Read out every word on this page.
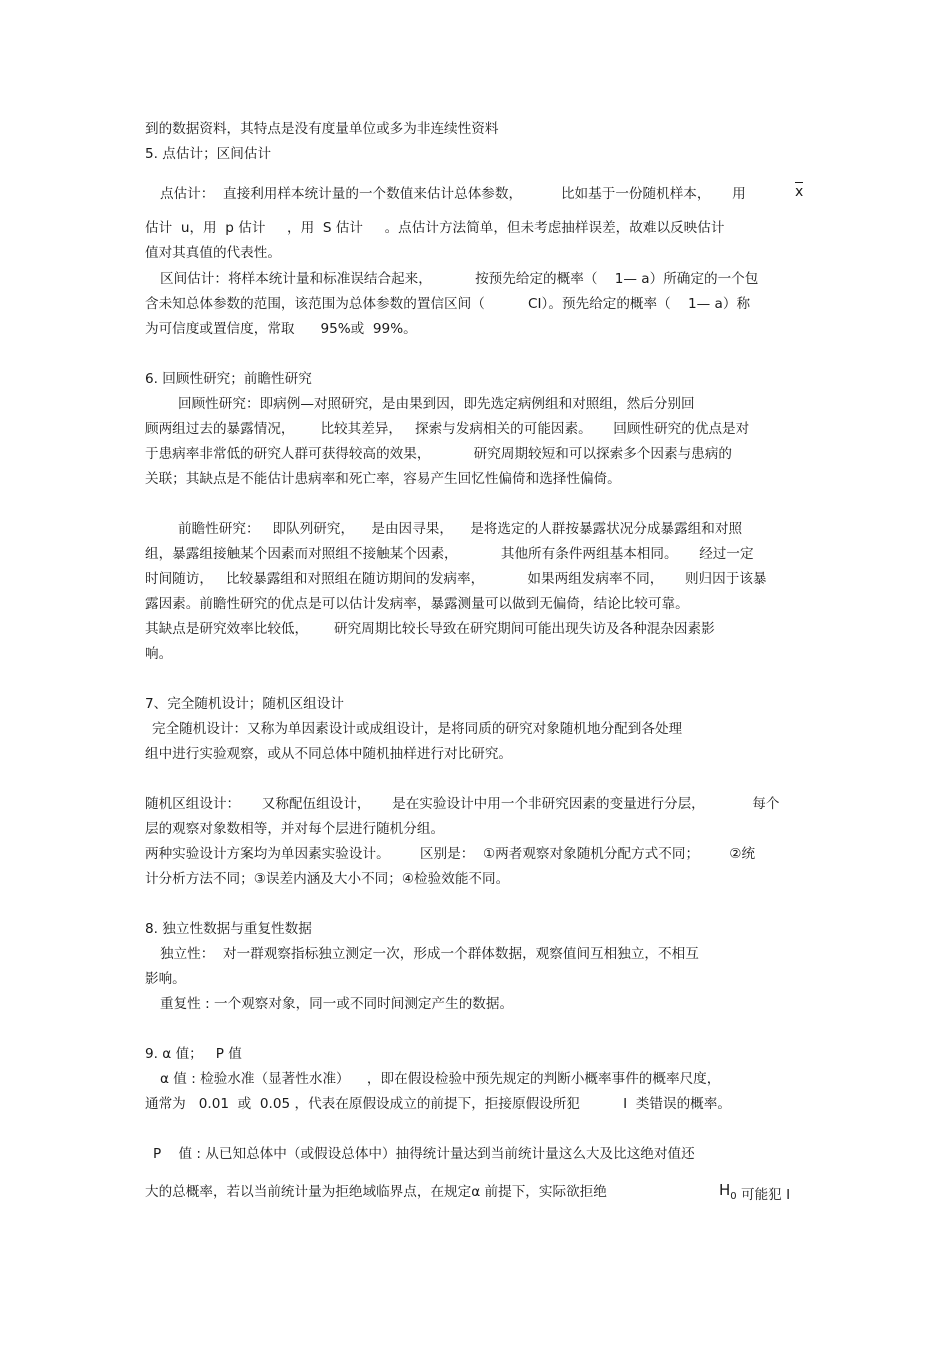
到的数据资料，其特点是没有度量单位或多为非连续性资料
5. 点估计；区间估计
点估计：  直接利用样本统计量的一个数值来估计总体参数，         比如基于一份随机样本，     用
估计  u，用  p 估计     ，用  S 估计     。点估计方法简单，但未考虑抽样误差，故难以反映估计
值对其真值的代表性。
区间估计：将样本统计量和标准误结合起来，          按预先给定的概率（    1— a）所确定的一个包
含未知总体参数的范围，该范围为总体参数的置信区间（          CI）。预先给定的概率（    1— a）称
为可信度或置信度，常取      95%或  99%。
6. 回顾性研究；前瞻性研究
回顾性研究：即病例—对照研究，是由果到因，即先选定病例组和对照组，然后分别回
顾两组过去的暴露情况，      比较其差异，   探索与发病相关的可能因素。     回顾性研究的优点是对
于患病率非常低的研究人群可获得较高的效果，          研究周期较短和可以探索多个因素与患病的
关联；其缺点是不能估计患病率和死亡率，容易产生回忆性偏倚和选择性偏倚。
前瞻性研究：   即队列研究，    是由因寻果，    是将选定的人群按暴露状况分成暴露组和对照
组，暴露组接触某个因素而对照组不接触某个因素，          其他所有条件两组基本相同。     经过一定
时间随访，   比较暴露组和对照组在随访期间的发病率，          如果两组发病率不同，     则归因于该暴
露因素。前瞻性研究的优点是可以估计发病率，暴露测量可以做到无偏倚，结论比较可靠。
其缺点是研究效率比较低，      研究周期比较长导致在研究期间可能出现失访及各种混杂因素影
响。
7、完全随机设计；随机区组设计
完全随机设计：又称为单因素设计或成组设计，是将同质的研究对象随机地分配到各处理
组中进行实验观察，或从不同总体中随机抽样进行对比研究。
随机区组设计：     又称配伍组设计，     是在实验设计中用一个非研究因素的变量进行分层，           每个
层的观察对象数相等，并对每个层进行随机分组。
两种实验设计方案均为单因素实验设计。       区别是：  ①两者观察对象随机分配方式不同；       ②统
计分析方法不同；③误差内涵及大小不同；④检验效能不同。
8. 独立性数据与重复性数据
独立性：  对一群观察指标独立测定一次，形成一个群体数据，观察值间互相独立，不相互
影响。
重复性 : 一个观察对象，同一或不同时间测定产生的数据。
9. α 值；   P 值
α 值 : 检验水准（显著性水准）    ，即在假设检验中预先规定的判断小概率事件的概率尺度，
通常为   0.01  或  0.05 ，代表在原假设成立的前提下，拒接原假设所犯          I  类错误的概率。
P    值 : 从已知总体中（或假设总体中）抽得统计量达到当前统计量这么大及比这绝对值还
大的总概率，若以当前统计量为拒绝域临界点，在规定α 前提下，实际欲拒绝
x
$H_0$ 可能犯 I
